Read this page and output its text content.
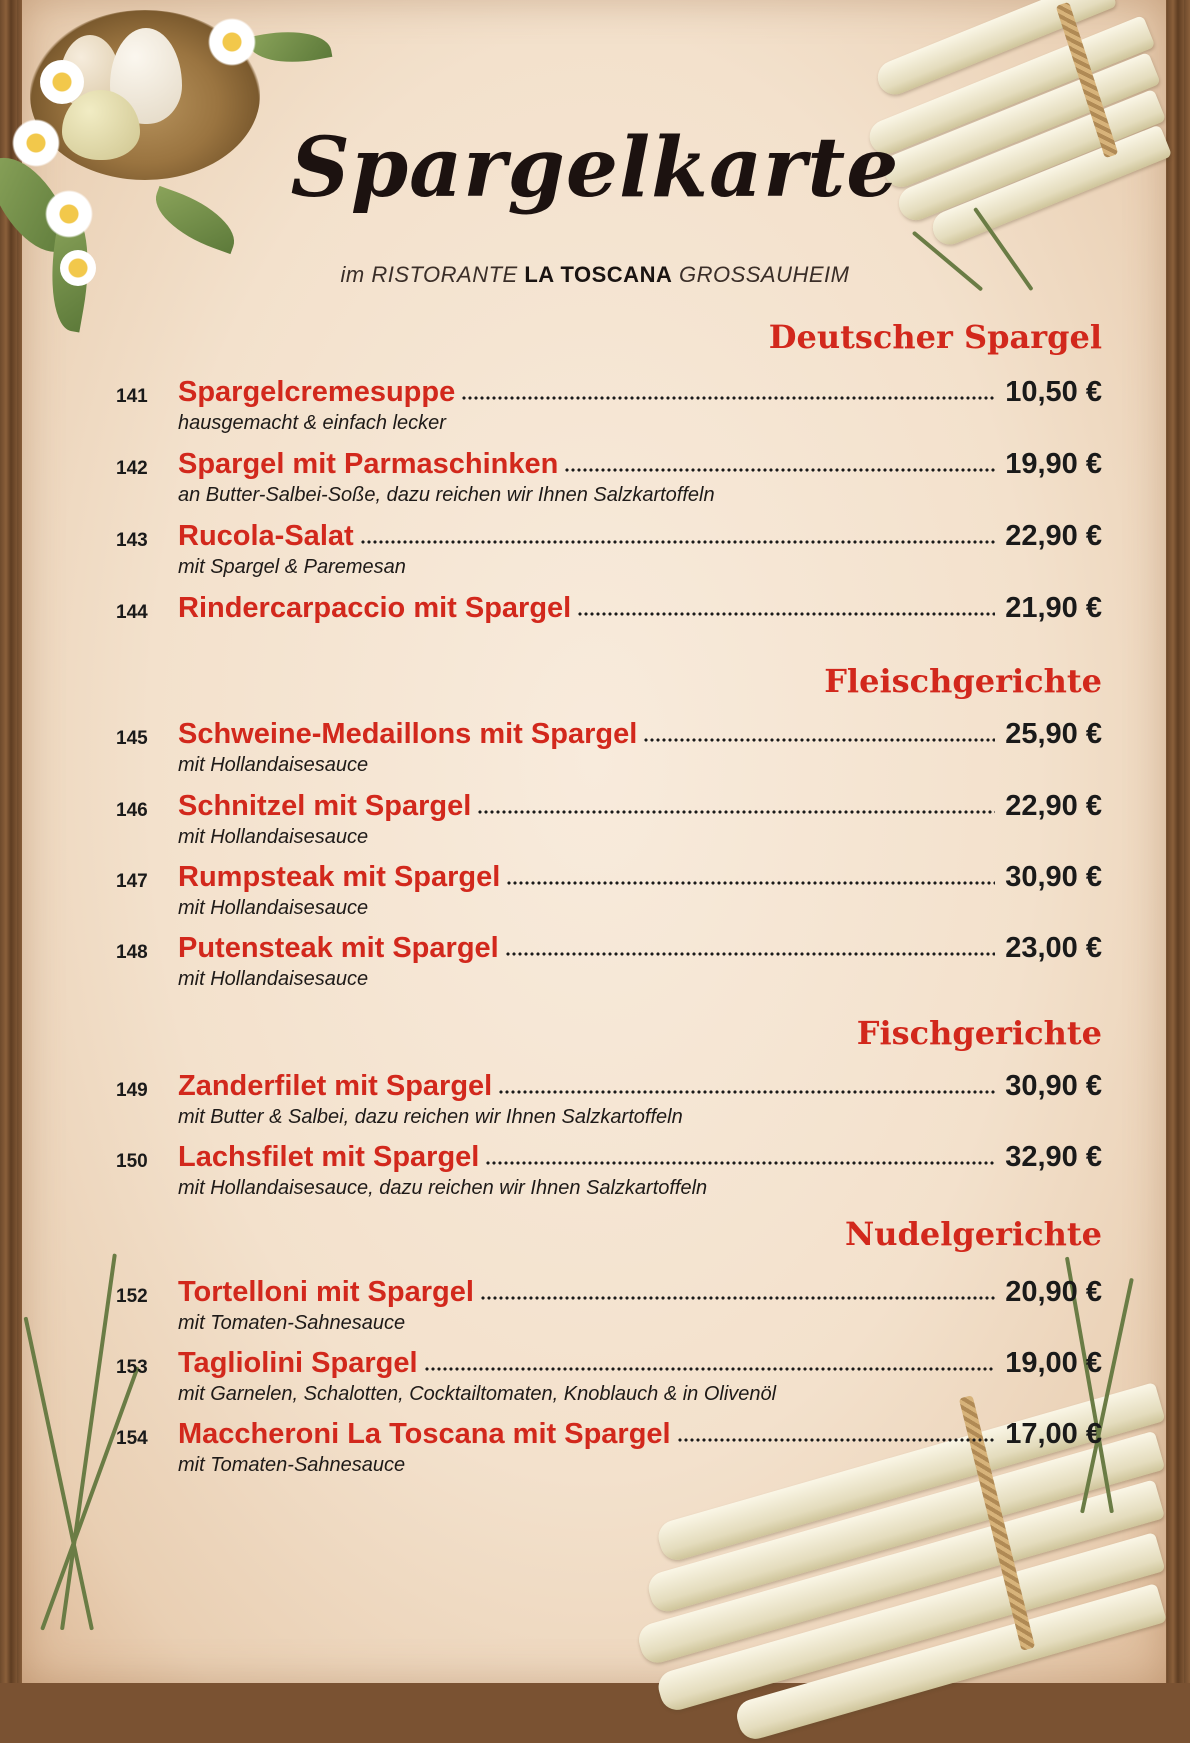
Spargelkarte
im RISTORANTE LA TOSCANA GROSSAUHEIM
Deutscher Spargel
141 Spargelcremesuppe	10,50 €
hausgemacht & einfach lecker
142 Spargel mit Parmaschinken	19,90 €
an Butter-Salbei-Soße, dazu reichen wir Ihnen Salzkartoffeln
143 Rucola-Salat	22,90 €
mit Spargel & Paremesan
144 Rindercarpaccio mit Spargel	21,90 €
Fleischgerichte
145 Schweine-Medaillons mit Spargel	25,90 €
mit Hollandaisesauce
146 Schnitzel mit Spargel	22,90 €
mit Hollandaisesauce
147 Rumpsteak mit Spargel	30,90 €
mit Hollandaisesauce
148 Putensteak mit Spargel	23,00 €
mit Hollandaisesauce
Fischgerichte
149 Zanderfilet mit Spargel	30,90 €
mit Butter & Salbei, dazu reichen wir Ihnen Salzkartoffeln
150 Lachsfilet mit Spargel	32,90 €
mit Hollandaisesauce, dazu reichen wir Ihnen Salzkartoffeln
Nudelgerichte
152 Tortelloni mit Spargel	20,90 €
mit Tomaten-Sahnesauce
153 Tagliolini Spargel	19,00 €
mit Garnelen, Schalotten, Cocktailtomaten, Knoblauch & in Olivenöl
154 Maccheroni La Toscana mit Spargel	17,00 €
mit Tomaten-Sahnesauce
